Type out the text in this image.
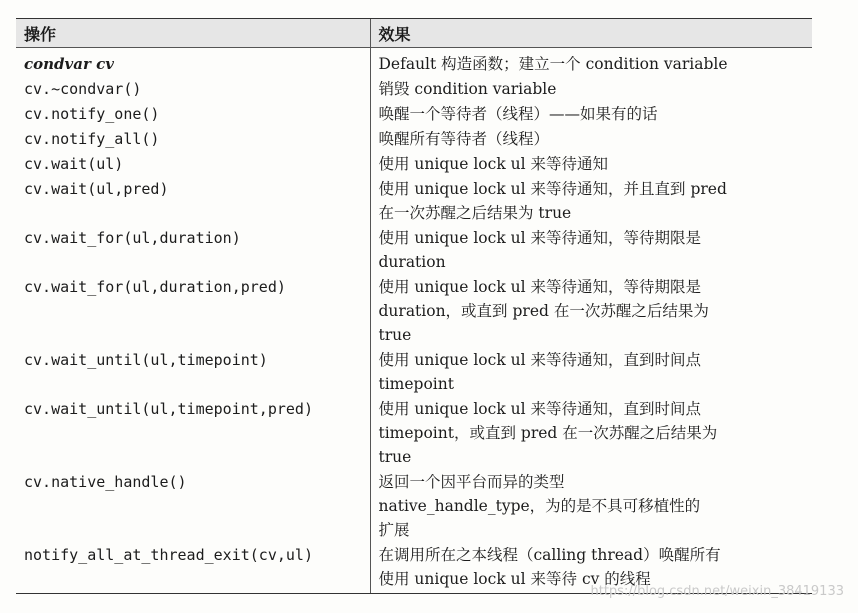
操作	效果
condvar cv	Default 构造函数；建立一个 condition variable

cv.~condvar()	销毁 condition variable

cv.notify_one()	唤醒一个等待者（线程）——如果有的话

cv.notify_all()	唤醒所有等待者（线程）

cv.wait(ul)	使用 unique lock ul 来等待通知

cv.wait(ul,pred)	使用 unique lock ul 来等待通知，并且直到 pred
在一次苏醒之后结果为 true

cv.wait_for(ul,duration)	使用 unique lock ul 来等待通知，等待期限是
duration

cv.wait_for(ul,duration,pred)	使用 unique lock ul 来等待通知，等待期限是
duration，或直到 pred 在一次苏醒之后结果为
true

cv.wait_until(ul,timepoint)	使用 unique lock ul 来等待通知，直到时间点
timepoint

cv.wait_until(ul,timepoint,pred)	使用 unique lock ul 来等待通知，直到时间点
timepoint，或直到 pred 在一次苏醒之后结果为
true

cv.native_handle()	返回一个因平台而异的类型
native_handle_type，为的是不具可移植性的
扩展

notify_all_at_thread_exit(cv,ul)	在调用所在之本线程（calling thread）唤醒所有
使用 unique lock ul 来等待 cv 的线程
https://blog.csdn.net/weixin_38419133
